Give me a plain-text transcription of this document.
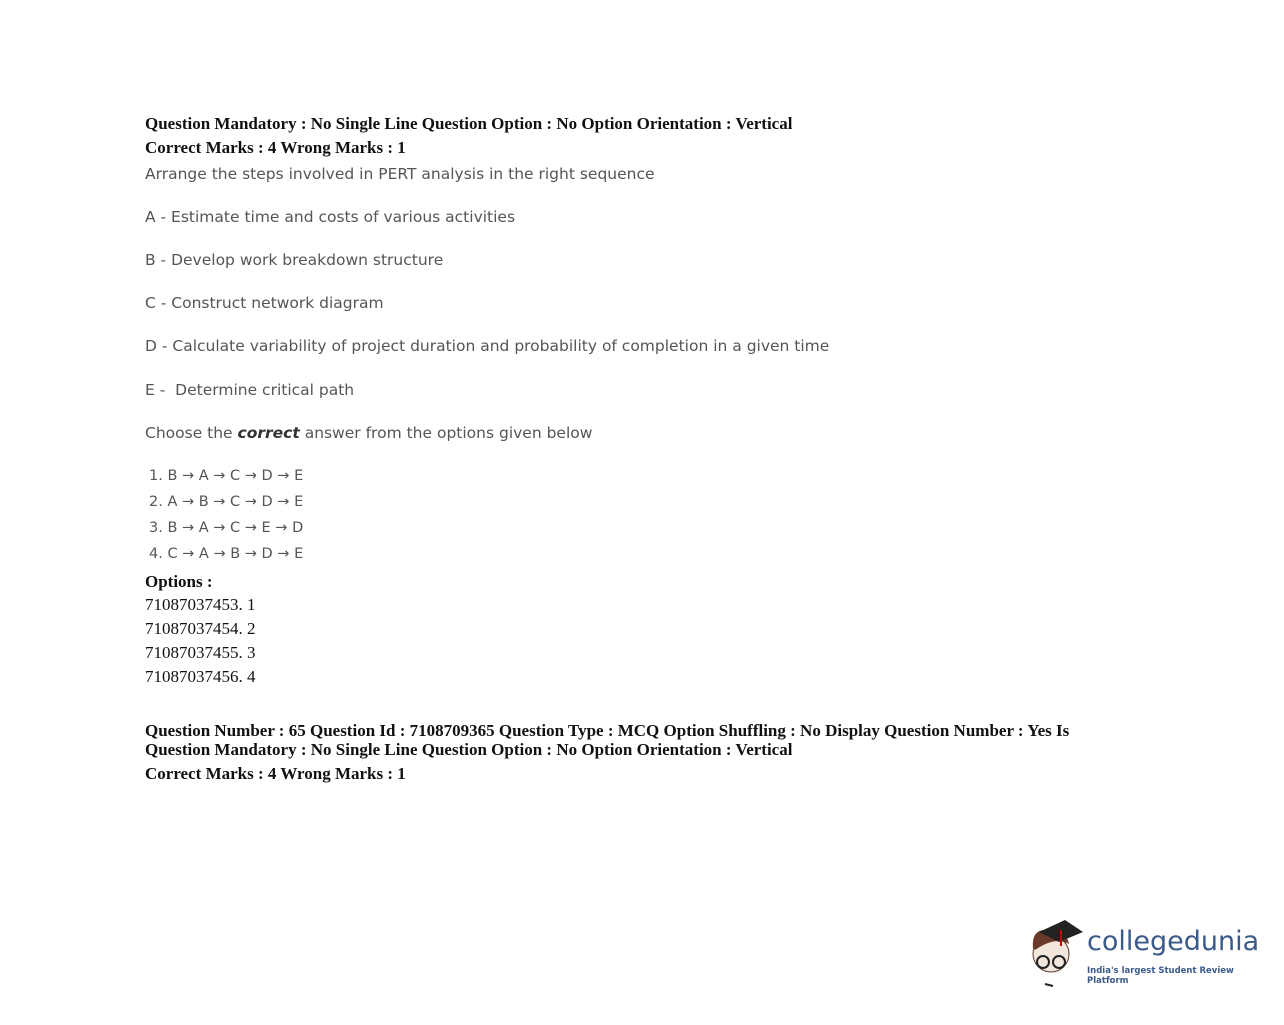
Question Mandatory : No Single Line Question Option : No Option Orientation : Vertical
Correct Marks : 4 Wrong Marks : 1
Arrange the steps involved in PERT analysis in the right sequence
A - Estimate time and costs of various activities
B - Develop work breakdown structure
C - Construct network diagram
D - Calculate variability of project duration and probability of completion in a given time
E -  Determine critical path
Choose the correct answer from the options given below
1. B → A → C → D → E
2. A → B → C → D → E
3. B → A → C → E → D
4. C → A → B → D → E
Options :
71087037453. 1
71087037454. 2
71087037455. 3
71087037456. 4
Question Number : 65 Question Id : 7108709365 Question Type : MCQ Option Shuffling : No Display Question Number : Yes Is
Question Mandatory : No Single Line Question Option : No Option Orientation : Vertical
Correct Marks : 4 Wrong Marks : 1
collegedunia
India's largest Student Review Platform
